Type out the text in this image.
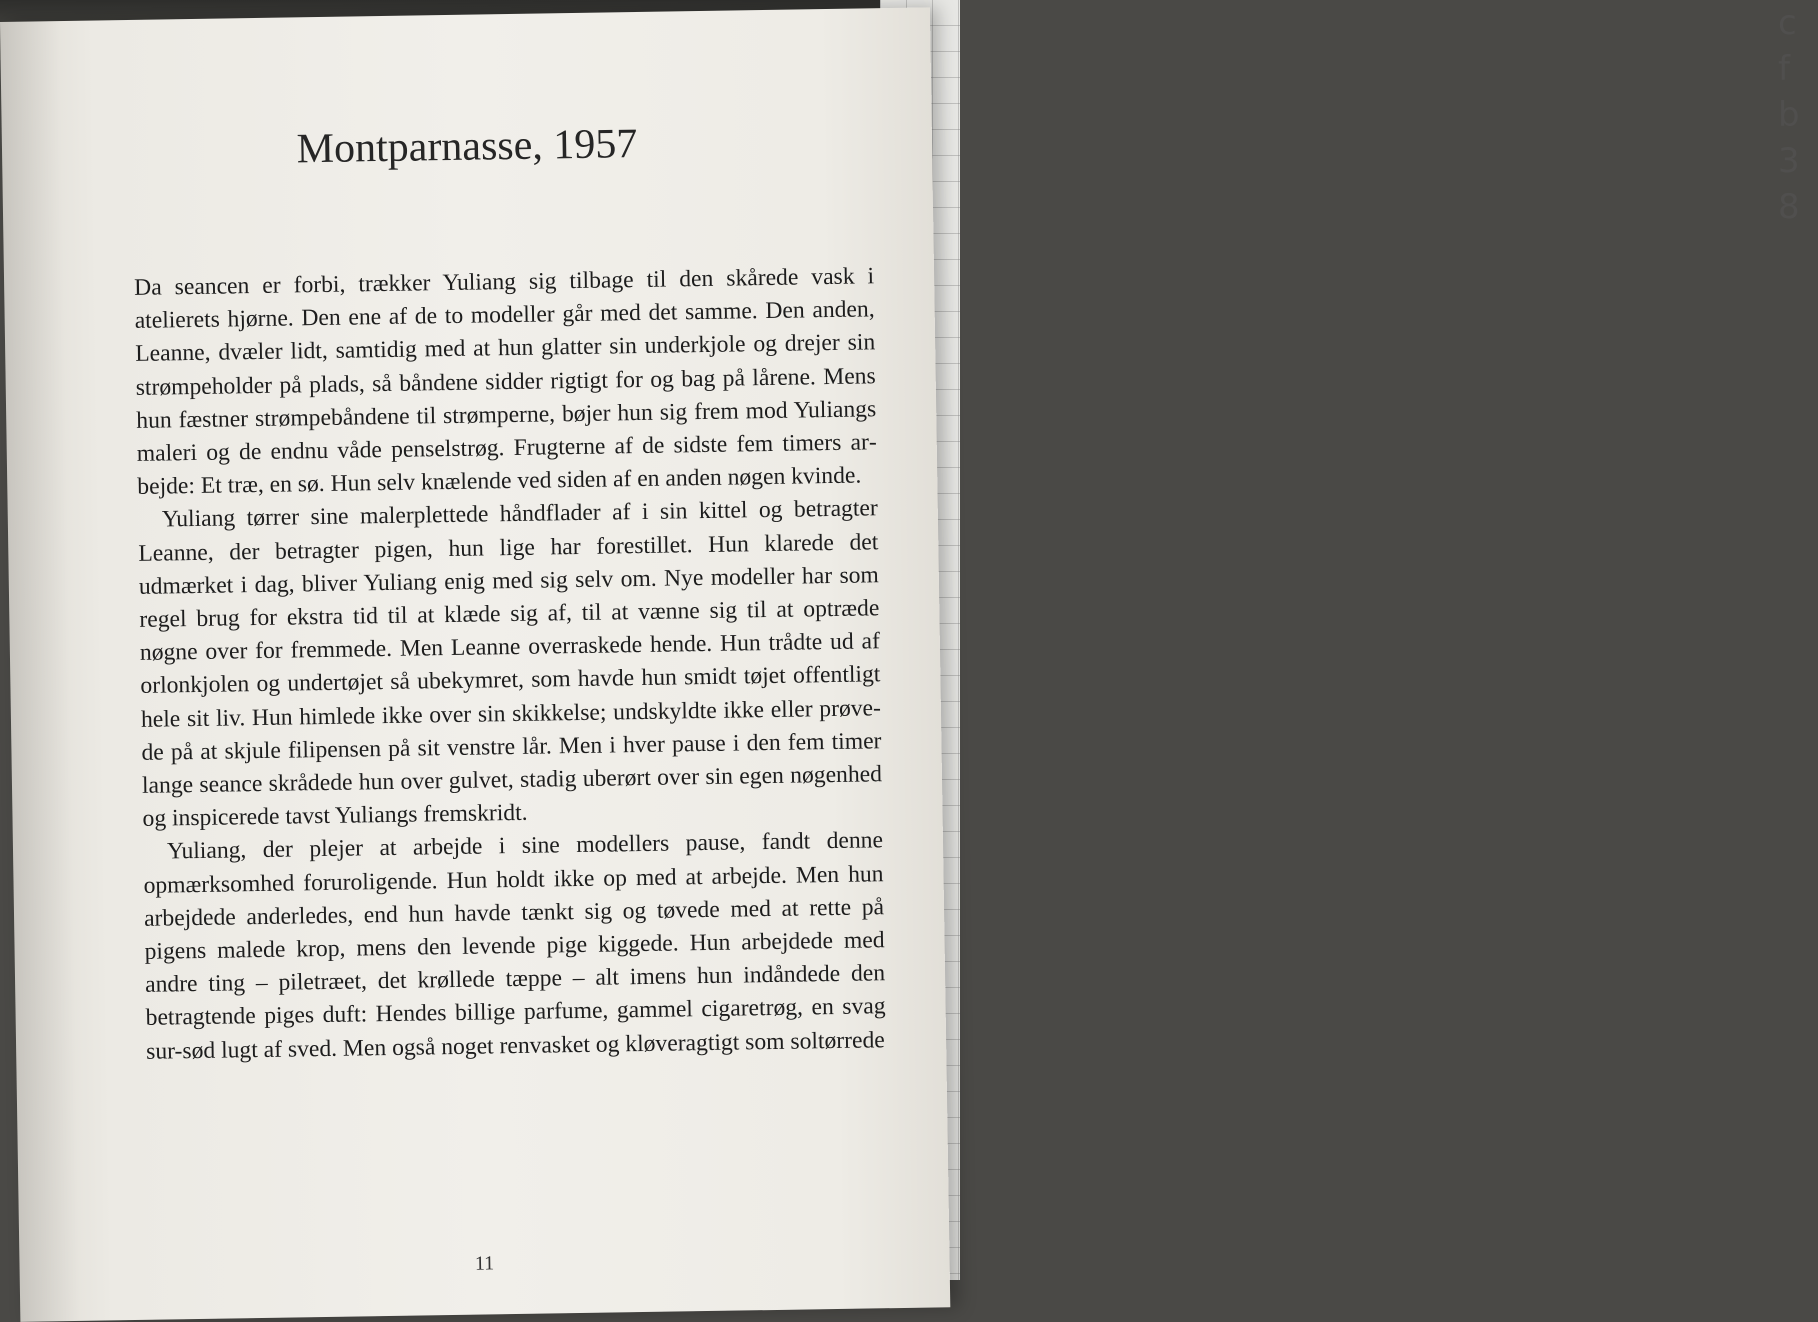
c
f
b
3
8
Montparnasse, 1957

Da seancen er forbi, trækker Yuliang sig tilbage til den skårede vask i atelierets hjørne. Den ene af de to modeller går med det samme. Den anden, Leanne, dvæler lidt, samtidig med at hun glatter sin underkjole og drejer sin strømpeholder på plads, så båndene sidder rigtigt for og bag på lårene. Mens hun fæstner strømpebåndene til strømperne, bøjer hun sig frem mod Yuliangs maleri og de endnu våde penselstrøg. Frugterne af de sidste fem timers arbejde: Et træ, en sø. Hun selv knælende ved siden af en anden nøgen kvinde.

Yuliang tørrer sine malerplettede håndflader af i sin kittel og betragter Leanne, der betragter pigen, hun lige har forestillet. Hun klarede det udmærket i dag, bliver Yuliang enig med sig selv om. Nye modeller har som regel brug for ekstra tid til at klæde sig af, til at vænne sig til at optræde nøgne over for fremmede. Men Leanne overraskede hende. Hun trådte ud af orlonkjolen og undertøjet så ubekymret, som havde hun smidt tøjet offentligt hele sit liv. Hun himlede ikke over sin skikkelse; undskyldte ikke eller prøvede på at skjule filipensen på sit venstre lår. Men i hver pause i den fem timer lange seance skrådede hun over gulvet, stadig uberørt over sin egen nøgenhed og inspicerede tavst Yuliangs fremskridt.

Yuliang, der plejer at arbejde i sine modellers pause, fandt denne opmærksomhed foruroligende. Hun holdt ikke op med at arbejde. Men hun arbejdede anderledes, end hun havde tænkt sig og tøvede med at rette på pigens malede krop, mens den levende pige kiggede. Hun arbejdede med andre ting – piletræet, det krøllede tæppe – alt imens hun indåndede den betragtende piges duft: Hendes billige parfume, gammel cigaretrøg, en svag sur-sød lugt af sved. Men også noget renvasket og kløveragtigt som soltørrede

11
